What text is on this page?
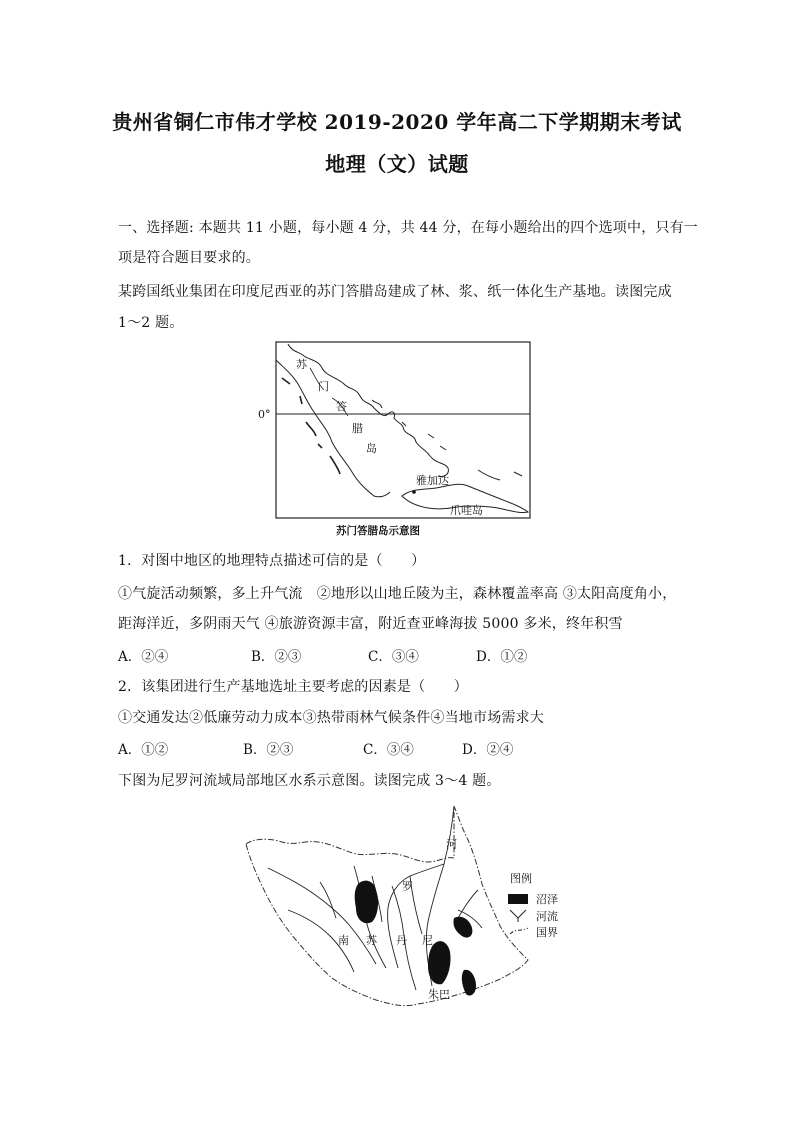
贵州省铜仁市伟才学校 2019-2020 学年高二下学期期末考试
地理（文）试题
一、选择题: 本题共 11 小题，每小题 4 分，共 44 分，在每小题给出的四个选项中，只有一
项是符合题目要求的。
某跨国纸业集团在印度尼西亚的苏门答腊岛建成了林、浆、纸一体化生产基地。读图完成
1～2 题。
0°
苏
门
答
腊
岛
雅加达
爪哇岛
苏门答腊岛示意图
1．对图中地区的地理特点描述可信的是（　　）
①气旋活动频繁，多上升气流　②地形以山地丘陵为主，森林覆盖率高 ③太阳高度角小，
距海洋近，多阴雨天气 ④旅游资源丰富，附近查亚峰海拔 5000 多米，终年积雪
A．②④	B．②③	C．③④	D．①②
2．该集团进行生产基地选址主要考虑的因素是（　　）
①交通发达②低廉劳动力成本③热带雨林气候条件④当地市场需求大
A．①②	B．②③	C．③④	D．②④
下图为尼罗河流域局部地区水系示意图。读图完成 3～4 题。
河
罗
尼
南 苏 丹
朱巴
图例
沼泽
河流
国界
